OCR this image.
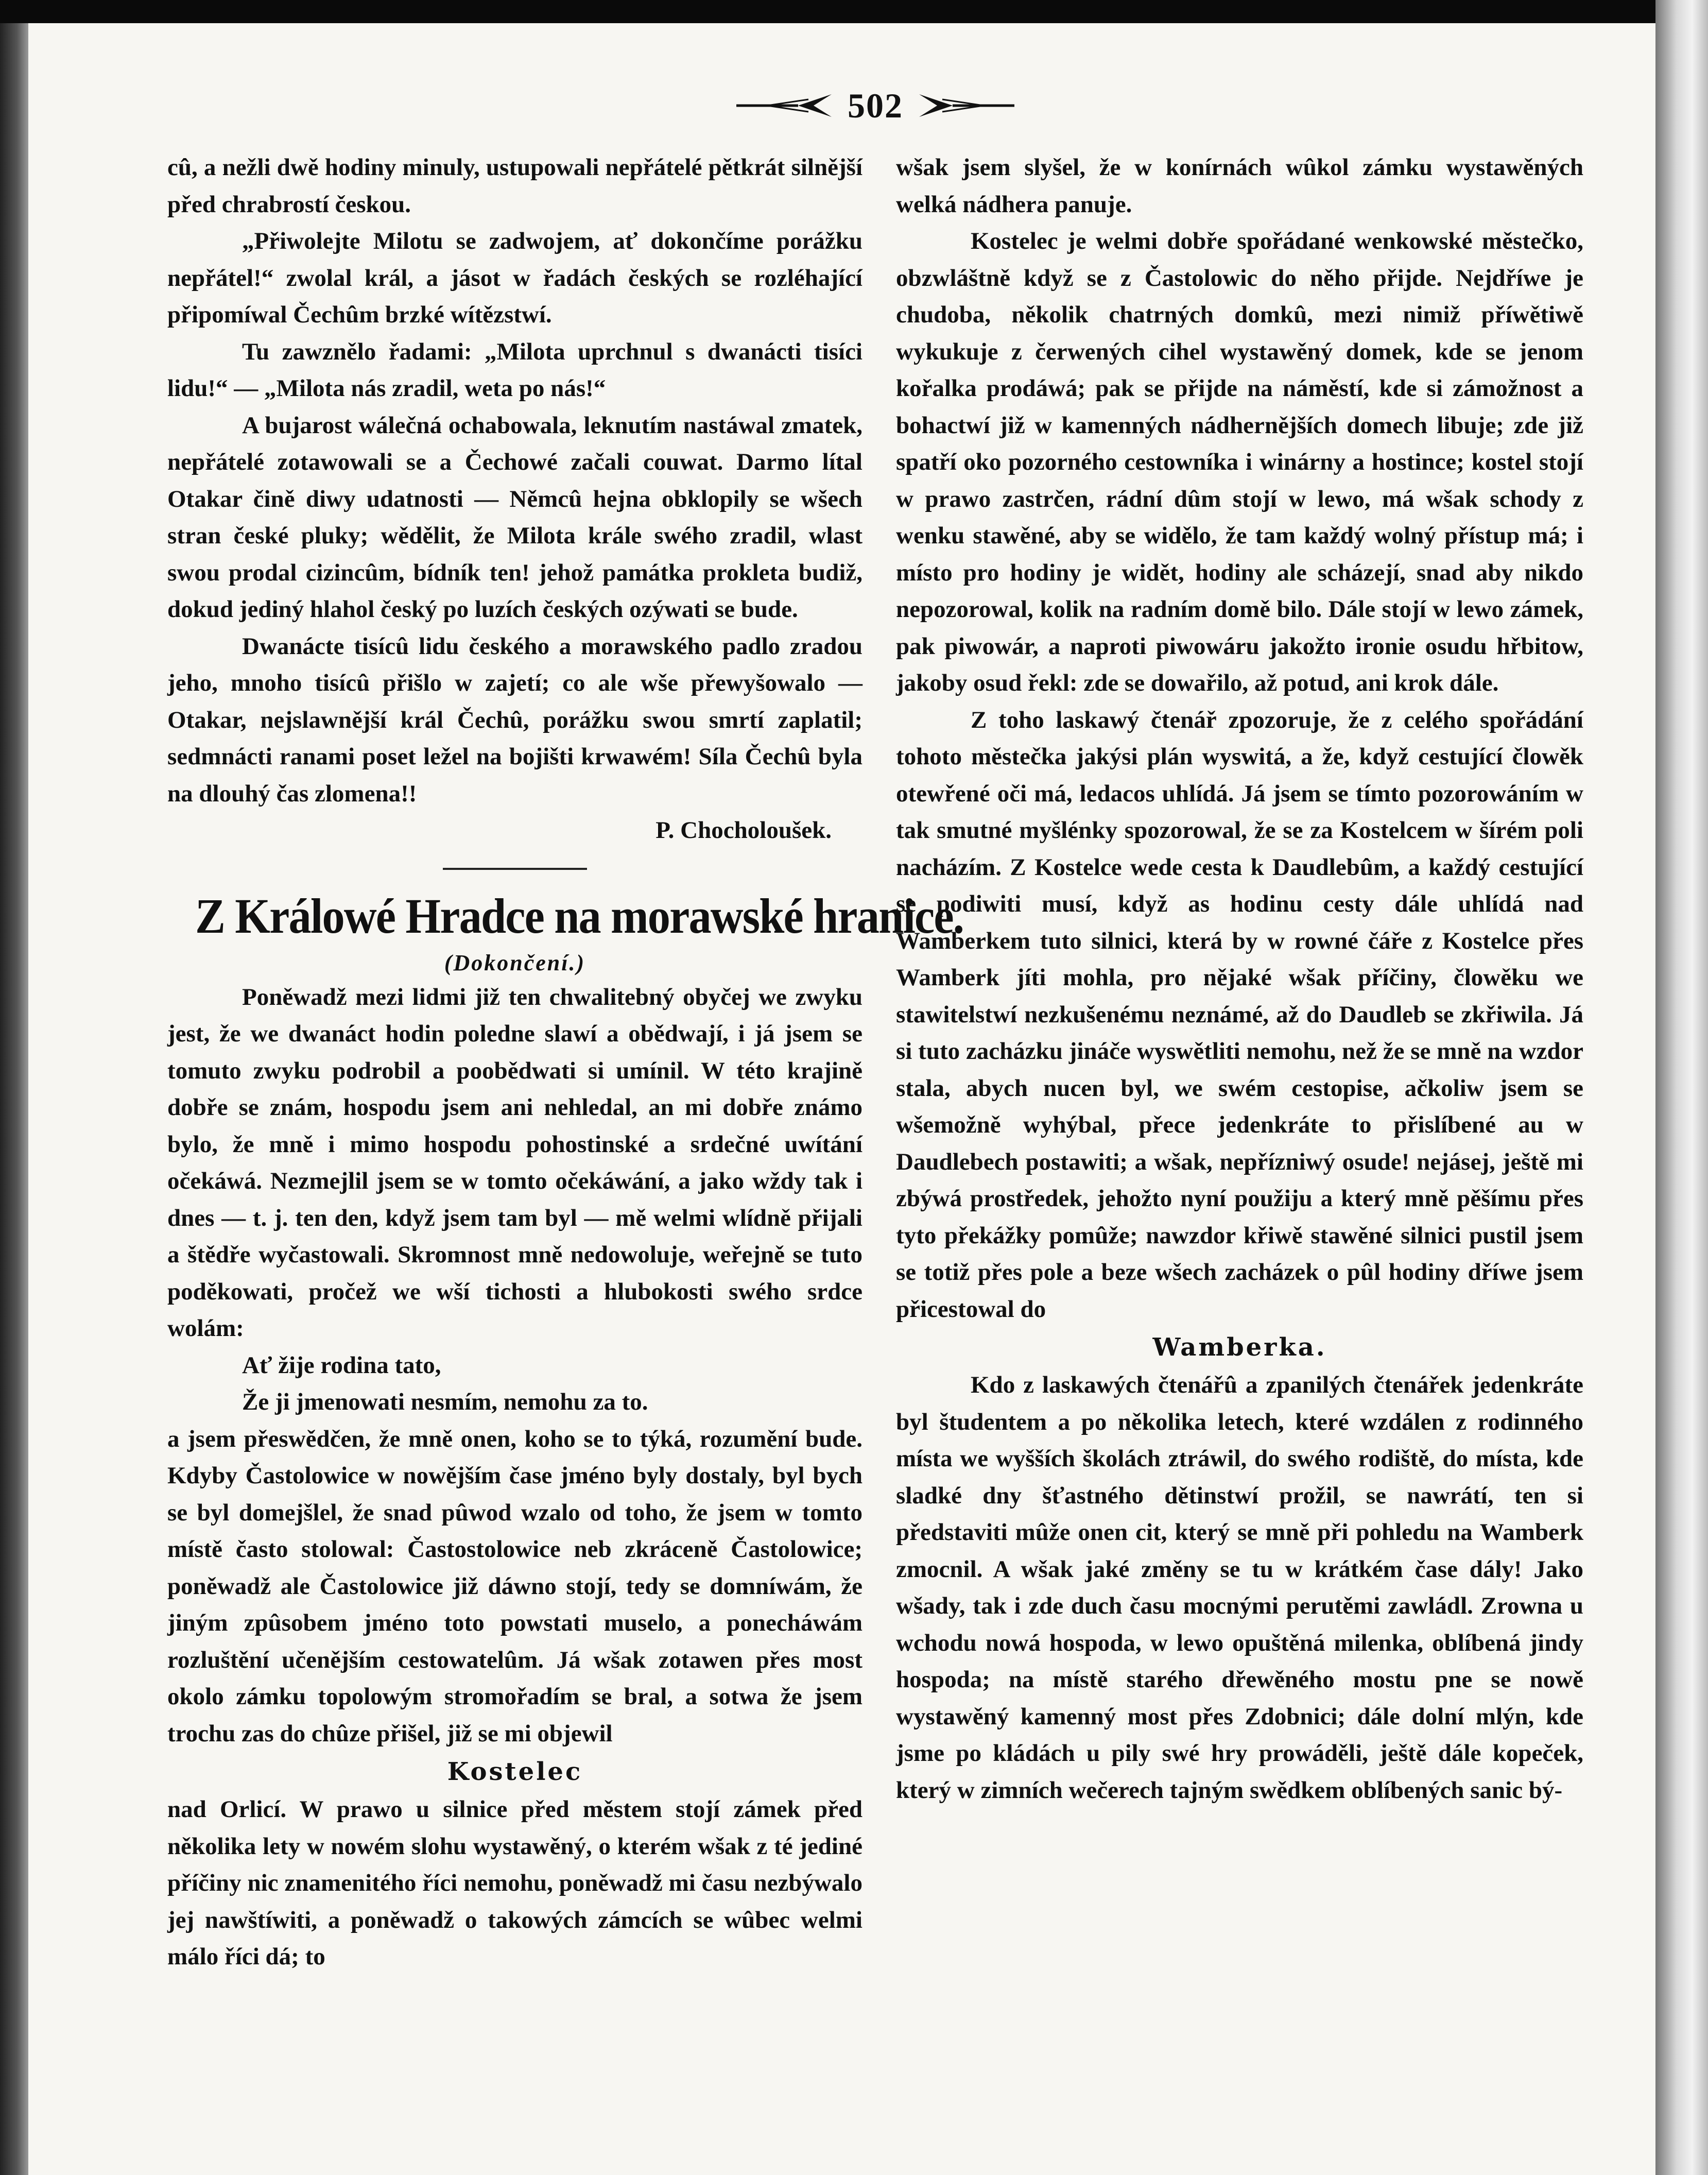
502

cû, a nežli dwě hodiny minuly, ustupowali nepřátelé pětkrát silnější před chrabrostí českou.

„Přiwolejte Milotu se zadwojem, ať dokončíme porážku nepřátel!“ zwolal král, a jásot w řadách českých se rozléhající připomíwal Čechûm brzké wítězstwí.

Tu zawznělo řadami: „Milota uprchnul s dwanácti tisíci lidu!“ — „Milota nás zradil, weta po nás!“

A bujarost wálečná ochabowala, leknutím nastáwal zmatek, nepřátelé zotawowali se a Čechowé začali couwat. Darmo lítal Otakar čině diwy udatnosti — Němcû hejna obklopily se wšech stran české pluky; wědělit, že Milota krále swého zradil, wlast swou prodal cizincûm, bídník ten! jehož památka prokleta budiž, dokud jediný hlahol český po luzích českých ozýwati se bude.

Dwanácte tisícû lidu českého a morawského padlo zradou jeho, mnoho tisícû přišlo w zajetí; co ale wše přewyšowalo — Otakar, nejslawnější král Čechû, porážku swou smrtí zaplatil; sedmnácti ranami poset ležel na bojišti krwawém! Síla Čechû byla na dlouhý čas zlomena!!

P. Chocholoušek.

Z Králowé Hradce na morawské hranice.

(Dokončení.)

Poněwadž mezi lidmi již ten chwalitebný obyčej we zwyku jest, že we dwanáct hodin poledne slawí a obědwají, i já jsem se tomuto zwyku podrobil a poobědwati si umínil. W této krajině dobře se znám, hospodu jsem ani nehledal, an mi dobře známo bylo, že mně i mimo hospodu pohostinské a srdečné uwítání očekáwá. Nezmejlil jsem se w tomto očekáwání, a jako wždy tak i dnes — t. j. ten den, když jsem tam byl — mě welmi wlídně přijali a štědře wyčastowali. Skromnost mně nedowoluje, weřejně se tuto poděkowati, pročež we wší tichosti a hlubokosti swého srdce wolám:

Ať žije rodina tato,

Že ji jmenowati nesmím, nemohu za to.

a jsem přeswědčen, že mně onen, koho se to týká, rozumění bude. Kdyby Častolowice w nowějším čase jméno byly dostaly, byl bych se byl domejšlel, že snad pûwod wzalo od toho, že jsem w tomto místě často stolowal: Častostolowice neb zkráceně Častolowice; poněwadž ale Častolowice již dáwno stojí, tedy se domníwám, že jiným zpûsobem jméno toto powstati muselo, a ponecháwám rozluštění učenějším cestowatelûm. Já wšak zotawen přes most okolo zámku topolowým stromořadím se bral, a sotwa že jsem trochu zas do chûze přišel, již se mi objewil

Kostelec

nad Orlicí. W prawo u silnice před městem stojí zámek před několika lety w nowém slohu wystawěný, o kterém wšak z té jediné příčiny nic znamenitého říci nemohu, poněwadž mi času nezbýwalo jej nawštíwiti, a poněwadž o takowých zámcích se wûbec welmi málo říci dá; to

wšak jsem slyšel, že w konírnách wûkol zámku wystawěných welká nádhera panuje.

Kostelec je welmi dobře spořádané wenkowské městečko, obzwláštně když se z Častolowic do něho přijde. Nejdříwe je chudoba, několik chatrných domkû, mezi nimiž příwětiwě wykukuje z čerwených cihel wystawěný domek, kde se jenom kořalka prodáwá; pak se přijde na náměstí, kde si zámožnost a bohactwí již w kamenných nádhernějších domech libuje; zde již spatří oko pozorného cestowníka i winárny a hostince; kostel stojí w prawo zastrčen, rádní dûm stojí w lewo, má wšak schody z wenku stawěné, aby se widělo, že tam každý wolný přístup má; i místo pro hodiny je widět, hodiny ale scházejí, snad aby nikdo nepozorowal, kolik na radním domě bilo. Dále stojí w lewo zámek, pak piwowár, a naproti piwowáru jakožto ironie osudu hřbitow, jakoby osud řekl: zde se dowařilo, až potud, ani krok dále.

Z toho laskawý čtenář zpozoruje, že z celého spořádání tohoto městečka jakýsi plán wyswitá, a že, když cestující člowěk otewřené oči má, ledacos uhlídá. Já jsem se tímto pozorowáním w tak smutné myšlénky spozorowal, že se za Kostelcem w šírém poli nacházím. Z Kostelce wede cesta k Daudlebûm, a každý cestující se podiwiti musí, když as hodinu cesty dále uhlídá nad Wamberkem tuto silnici, která by w rowné čáře z Kostelce přes Wamberk jíti mohla, pro nějaké wšak příčiny, člowěku we stawitelstwí nezkušenému neznámé, až do Daudleb se zkřiwila. Já si tuto zacházku jináče wyswětliti nemohu, než že se mně na wzdor stala, abych nucen byl, we swém cestopise, ačkoliw jsem se wšemožně wyhýbal, přece jedenkráte to přislíbené au w Daudlebech postawiti; a wšak, nepřízniwý osude! nejásej, ještě mi zbýwá prostředek, jehožto nyní použiju a který mně pěšímu přes tyto překážky pomûže; nawzdor křiwě stawěné silnici pustil jsem se totiž přes pole a beze wšech zacházek o pûl hodiny dříwe jsem přicestowal do

Wamberka.

Kdo z laskawých čtenářû a zpanilých čtenářek jedenkráte byl študentem a po několika letech, které wzdálen z rodinného místa we wyšších školách ztráwil, do swého rodiště, do místa, kde sladké dny šťastného dětinstwí prožil, se nawrátí, ten si představiti mûže onen cit, který se mně při pohledu na Wamberk zmocnil. A wšak jaké změny se tu w krátkém čase dály! Jako wšady, tak i zde duch času mocnými perutěmi zawládl. Zrowna u wchodu nowá hospoda, w lewo opuštěná milenka, oblíbená jindy hospoda; na místě starého dřewěného mostu pne se nowě wystawěný kamenný most přes Zdobnici; dále dolní mlýn, kde jsme po kládách u pily swé hry prowáděli, ještě dále kopeček, který w zimních wečerech tajným swědkem oblíbených sanic bý-
